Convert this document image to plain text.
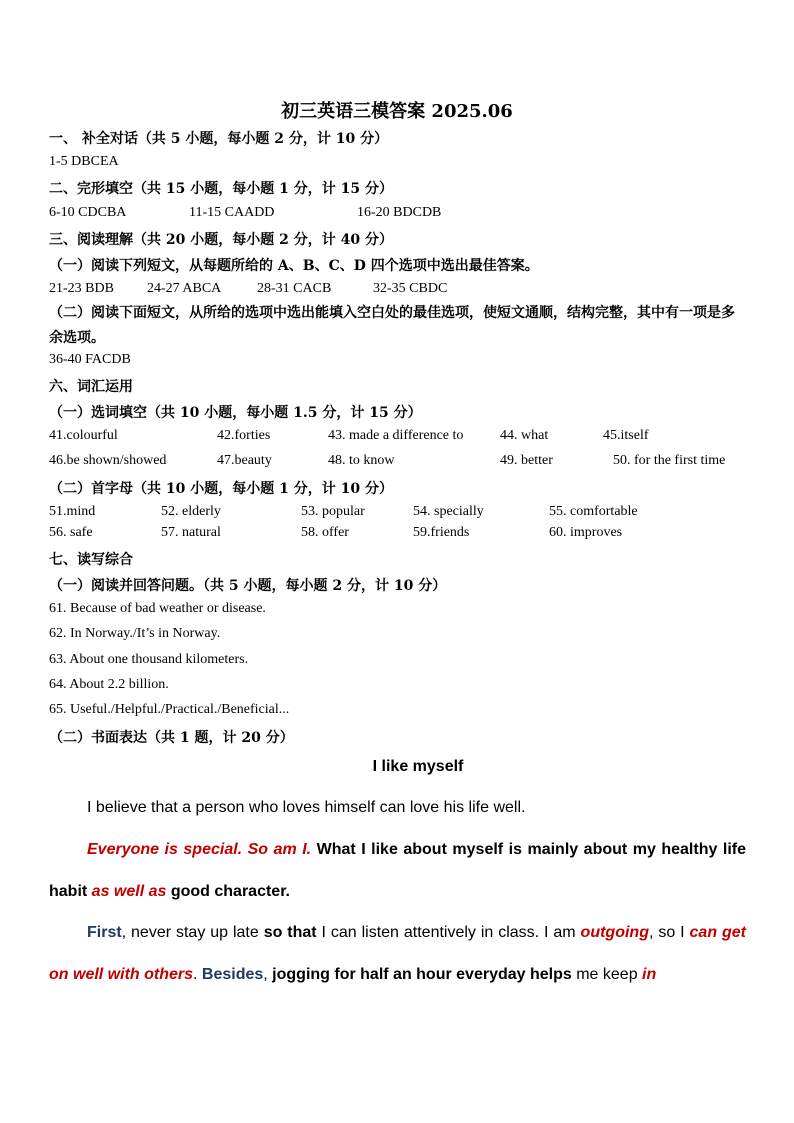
初三英语三模答案 2025.06
一、 补全对话（共 5 小题，每小题 2 分，计 10 分）
1-5 DBCEA
二、完形填空（共 15 小题，每小题 1 分，计 15 分）
6-10 CDCBA	11-15 CAADD	16-20 BDCDB
三、阅读理解（共 20 小题，每小题 2 分，计 40 分）
（一）阅读下列短文，从每题所给的 A、B、C、D 四个选项中选出最佳答案。
21-23 BDB 24-27 ABCA	28-31 CACB	32-35 CBDC
（二）阅读下面短文，从所给的选项中选出能填入空白处的最佳选项，使短文通顺，结构完整，其中有一项是多余选项。
36-40 FACDB
六、词汇运用
（一）选词填空（共 10 小题，每小题 1.5 分，计 15 分）
41.colourful	42.forties	43. made a difference to	44. what	45.itself
46.be shown/showed	47.beauty	48. to know	49. better	50. for the first time
（二）首字母（共 10 小题，每小题 1 分，计 10 分）
51.mind	52. elderly	53. popular	54. specially	55. comfortable
56. safe	57. natural	58. offer	59.friends	60. improves
七、读写综合
（一）阅读并回答问题。（共 5 小题，每小题 2 分，计 10 分）
61. Because of bad weather or disease.
62. In Norway./It’s in Norway.
63. About one thousand kilometers.
64. About 2.2 billion.
65. Useful./Helpful./Practical./Beneficial...
（二）书面表达（共 1 题，计 20 分）
I like myself
I believe that a person who loves himself can love his life well.
Everyone is special. So am I. What I like about myself is mainly about my healthy life habit as well as good character.
First, never stay up late so that I can listen attentively in class. I am outgoing, so I can get on well with others. Besides, jogging for half an hour everyday helps me keep in
